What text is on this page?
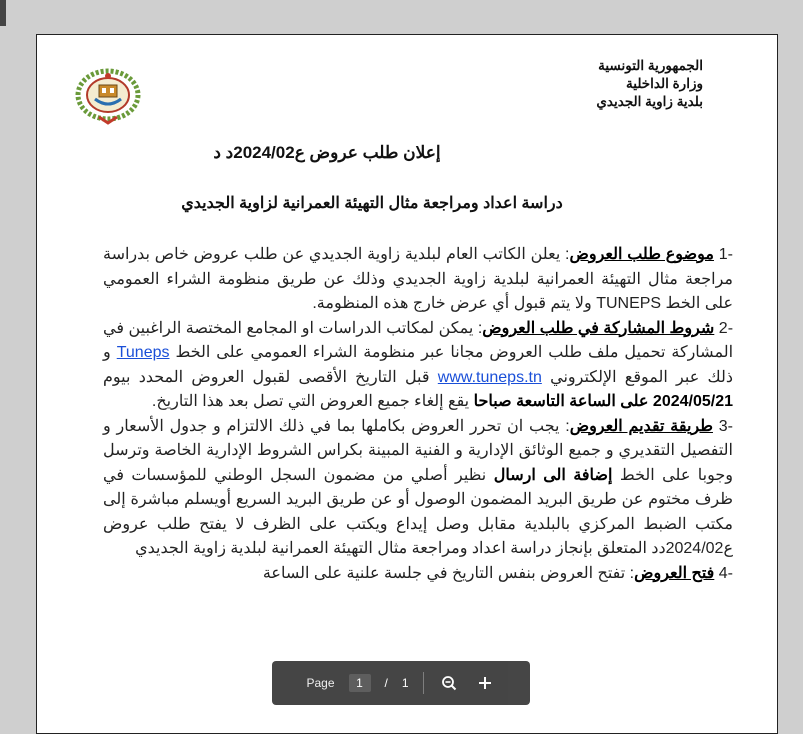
الجمهورية التونسية
وزارة الداخلية
بلدية زاوية الجديدي
إعلان طلب عروض ع2024/02د د
دراسة اعداد ومراجعة مثال التهيئة العمرانية لزاوية الجديدي
-1 موضوع طلب العروض: يعلن الكاتب العام لبلدية زاوية الجديدي عن طلب عروض خاص بدراسة مراجعة مثال التهيئة العمرانية لبلدية زاوية الجديدي وذلك عن طريق منظومة الشراء العمومي على الخط TUNEPS ولا يتم قبول أي عرض خارج هذه المنظومة.
-2 شروط المشاركة في طلب العروض: يمكن لمكاتب الدراسات او المجامع المختصة الراغبين في المشاركة تحميل ملف طلب العروض مجانا عبر منظومة الشراء العمومي على الخط Tuneps و ذلك عبر الموقع الإلكتروني www.tuneps.tn قبل التاريخ الأقصى لقبول العروض المحدد بيوم 2024/05/21 على الساعة التاسعة صباحا يقع إلغاء جميع العروض التي تصل بعد هذا التاريخ.
-3 طريقة تقديم العروض: يجب ان تحرر العروض بكاملها بما في ذلك الالتزام و جدول الأسعار و التفصيل التقديري و جميع الوثائق الإدارية و الفنية المبينة بكراس الشروط الإدارية الخاصة وترسل وجوبا على الخط إضافة الى ارسال نظير أصلي من مضمون السجل الوطني للمؤسسات في ظرف مختوم عن طريق البريد المضمون الوصول أو عن طريق البريد السريع أويسلم مباشرة إلى مكتب الضبط المركزي بالبلدية مقابل وصل إيداع ويكتب على الظرف لا يفتح طلب عروض ع2024/02دد المتعلق بإنجاز دراسة اعداد ومراجعة مثال التهيئة العمرانية لبلدية زاوية الجديدي
-4 فتح العروض: تفتح العروض بنفس التاريخ في جلسة علنية على الساعة
Page	1	/ 1
